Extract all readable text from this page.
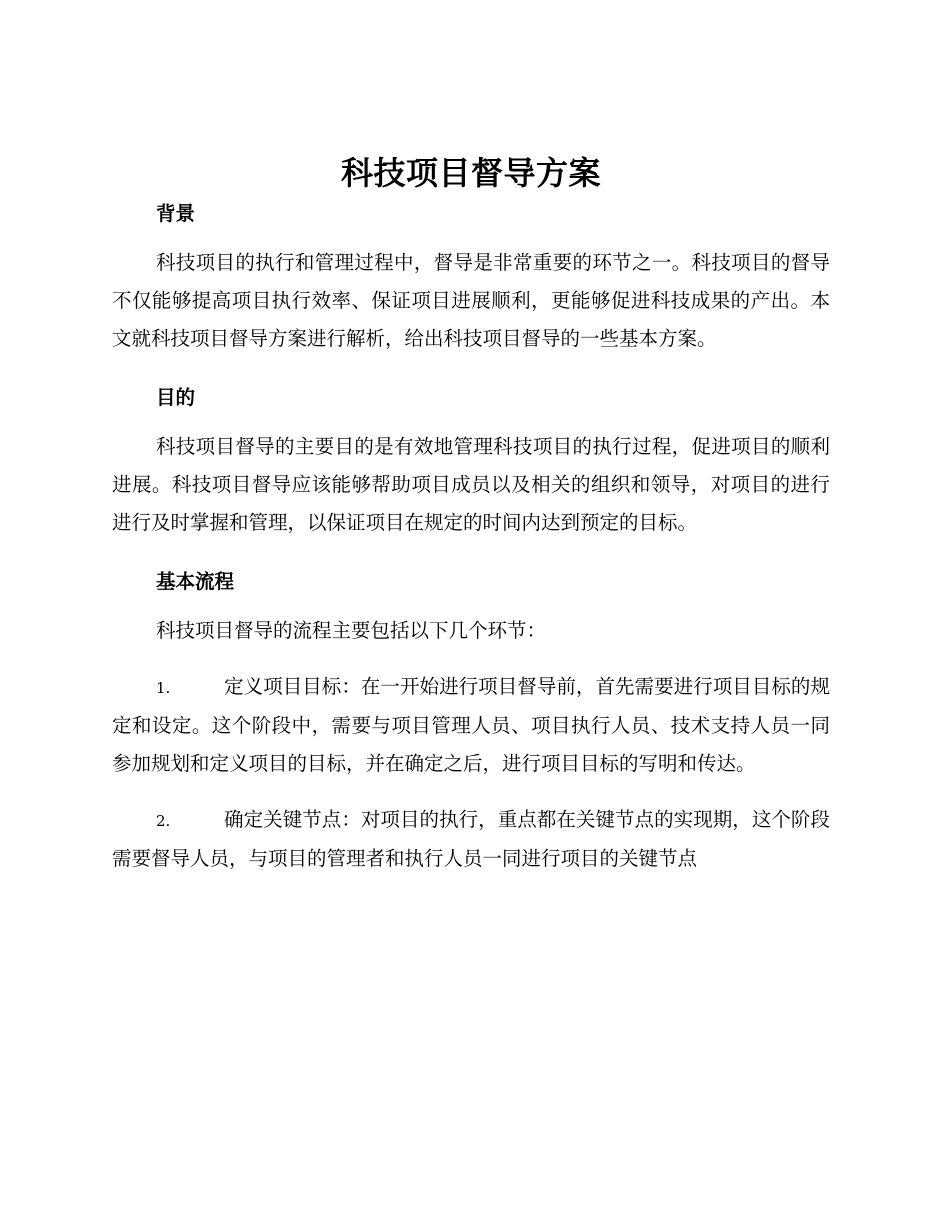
科技项目督导方案
背景

科技项目的执行和管理过程中，督导是非常重要的环节之一。科技项目的督导不仅能够提高项目执行效率、保证项目进展顺利，更能够促进科技成果的产出。本文就科技项目督导方案进行解析，给出科技项目督导的一些基本方案。

目的

科技项目督导的主要目的是有效地管理科技项目的执行过程，促进项目的顺利进展。科技项目督导应该能够帮助项目成员以及相关的组织和领导，对项目的进行进行及时掌握和管理，以保证项目在规定的时间内达到预定的目标。

基本流程

科技项目督导的流程主要包括以下几个环节：

1.	定义项目目标：在一开始进行项目督导前，首先需要进行项目目标的规定和设定。这个阶段中，需要与项目管理人员、项目执行人员、技术支持人员一同参加规划和定义项目的目标，并在确定之后，进行项目目标的写明和传达。

2.	确定关键节点：对项目的执行，重点都在关键节点的实现期，这个阶段需要督导人员，与项目的管理者和执行人员一同进行项目的关键节点
